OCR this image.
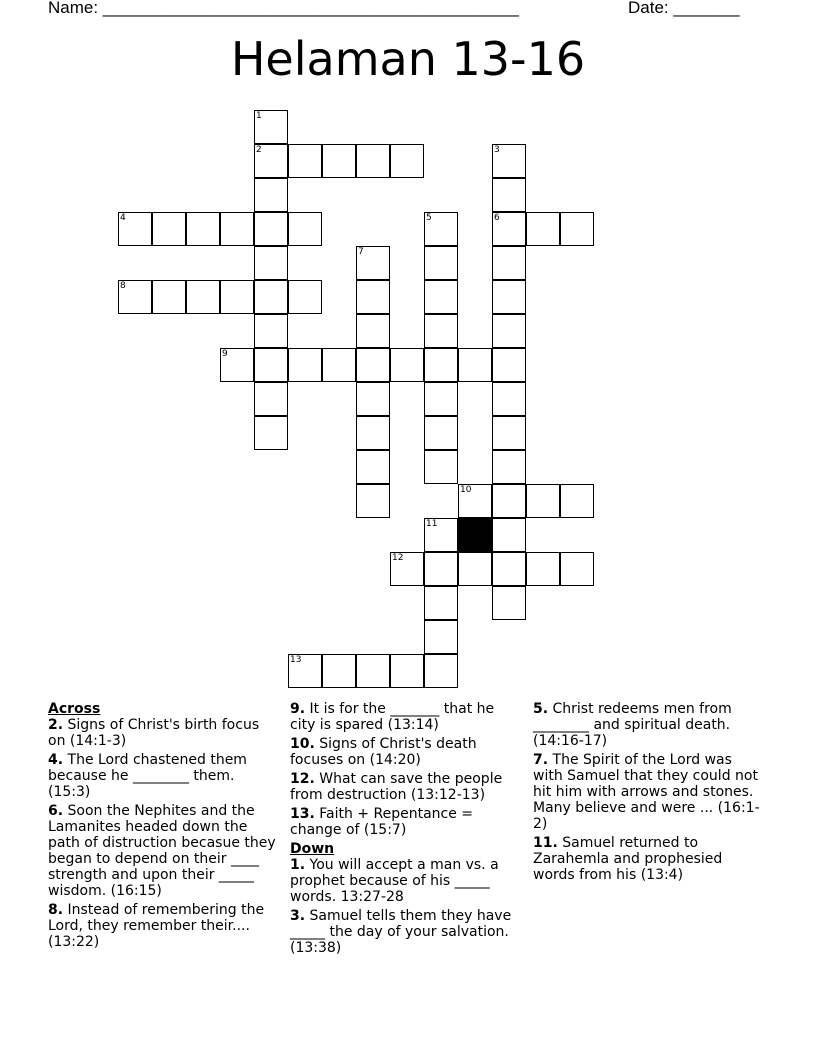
Name: ____________________________________________	Date: _______
Helaman 13-16
1
2	3
4	5	6
7
8
9
10
11
12
13

Across

2. Signs of Christ's birth focus on (14:1-3)

4. The Lord chastened them because he ________ them. (15:3)

6. Soon the Nephites and the Lamanites headed down the path of distruction becasue they began to depend on their ____ strength and upon their _____ wisdom. (16:15)

8. Instead of remembering the Lord, they remember their.... (13:22)

9. It is for the _______ that he city is spared (13:14)

10. Signs of Christ's death focuses on (14:20)

12. What can save the people from destruction (13:12-13)

13. Faith + Repentance = change of (15:7)

Down

1. You will accept a man vs. a prophet because of his _____ words. 13:27-28

3. Samuel tells them they have _____ the day of your salvation. (13:38)

5. Christ redeems men from ________ and spiritual death. (14:16-17)

7. The Spirit of the Lord was with Samuel that they could not hit him with arrows and stones. Many believe and were ... (16:1-2)

11. Samuel returned to Zarahemla and prophesied words from his (13:4)
